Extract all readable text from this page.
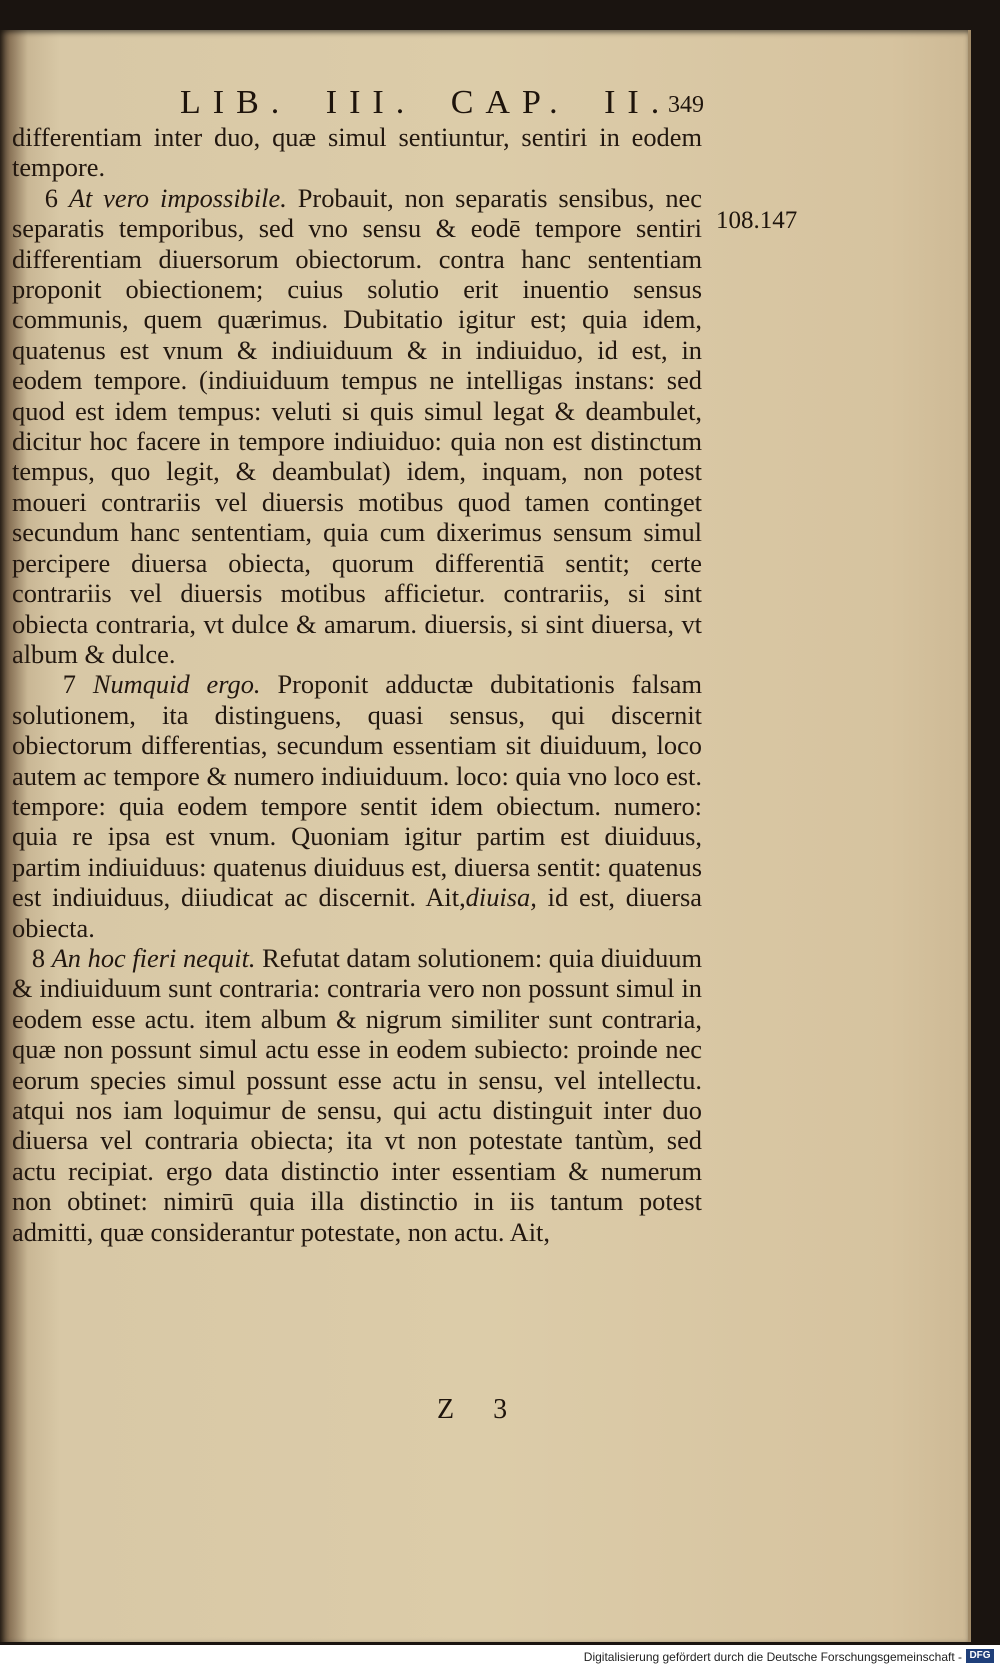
LIB. III. CAP. II.
349
108.147

differentiam inter duo, quæ simul sentiuntur, sentiri in eodem tempore.

6 At vero impossibile. Probauit, non separatis sensibus, nec separatis temporibus, sed vno sensu & eodē tempore sentiri differentiam diuersorum obiectorum. contra hanc sententiam proponit obiectionem; cuius solutio erit inuentio sensus communis, quem quærimus. Dubitatio igitur est; quia idem, quatenus est vnum & indiuiduum & in indiuiduo, id est, in eodem tempore. (indiuiduum tempus ne intelligas instans: sed quod est idem tempus: veluti si quis simul legat & deambulet, dicitur hoc facere in tempore indiuiduo: quia non est distinctum tempus, quo legit, & deambulat) idem, inquam, non potest moueri contrariis vel diuersis motibus quod tamen continget secundum hanc sententiam, quia cum dixerimus sensum simul percipere diuersa obiecta, quorum differentiā sentit; certe contrariis vel diuersis motibus afficietur. contrariis, si sint obiecta contraria, vt dulce & amarum. diuersis, si sint diuersa, vt album & dulce.

7 Numquid ergo. Proponit adductæ dubitationis falsam solutionem, ita distinguens, quasi sensus, qui discernit obiectorum differentias, secundum essentiam sit diuiduum, loco autem ac tempore & numero indiuiduum. loco: quia vno loco est. tempore: quia eodem tempore sentit idem obiectum. numero: quia re ipsa est vnum. Quoniam igitur partim est diuiduus, partim indiuiduus: quatenus diuiduus est, diuersa sentit: quatenus est indiuiduus, diiudicat ac discernit. Ait,diuisa, id est, diuersa obiecta.

8 An hoc fieri nequit. Refutat datam solutionem: quia diuiduum & indiuiduum sunt contraria: contraria vero non possunt simul in eodem esse actu. item album & nigrum similiter sunt contraria, quæ non possunt simul actu esse in eodem subiecto: proinde nec eorum species simul possunt esse actu in sensu, vel intellectu. atqui nos iam loquimur de sensu, qui actu distinguit inter duo diuersa vel contraria obiecta; ita vt non potestate tantùm, sed actu recipiat. ergo data distinctio inter essentiam & numerum non obtinet: nimirū quia illa distinctio in iis tantum potest admitti, quæ considerantur potestate, non actu. Ait,

Z 3
Digitalisierung gefördert durch die Deutsche Forschungsgemeinschaft - DFG
